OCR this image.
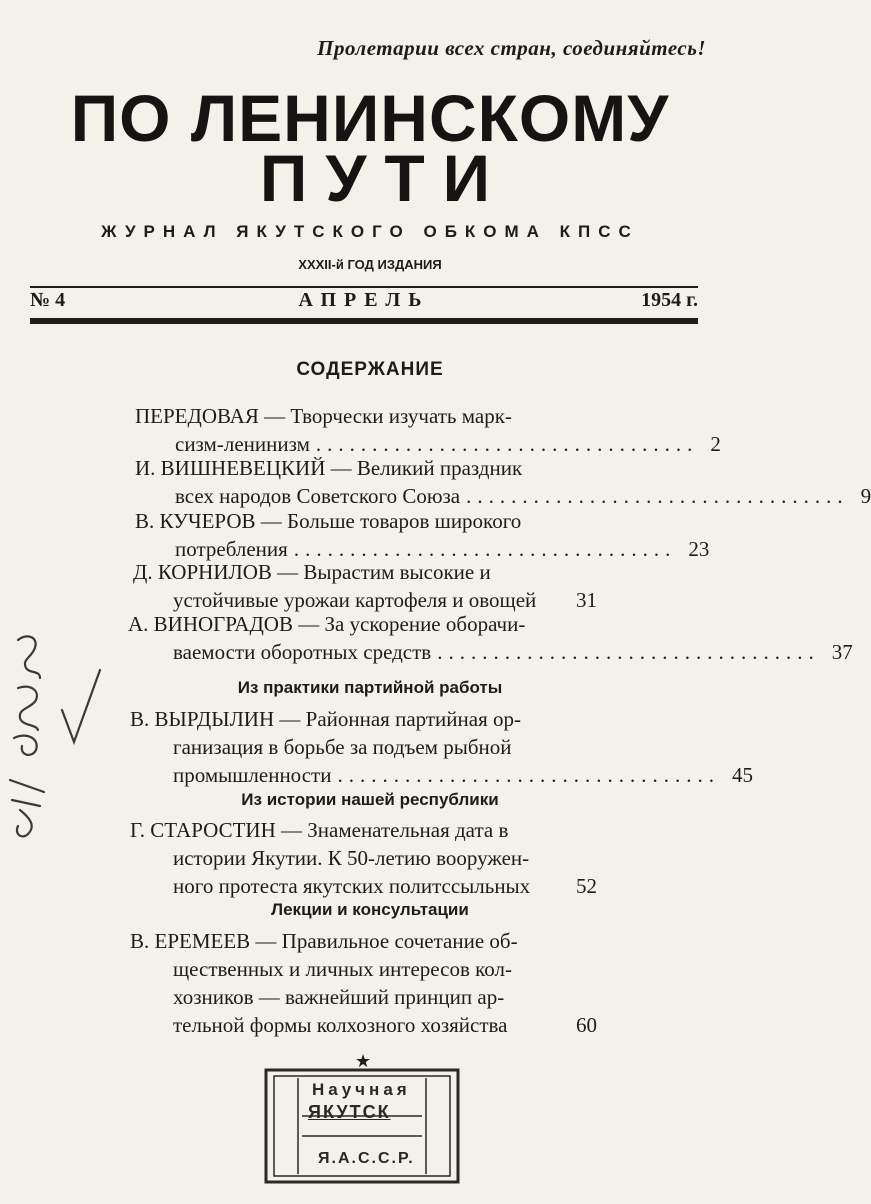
Пролетарии всех стран, соединяйтесь!
ПО ЛЕНИНСКОМУ
ПУТИ
ЖУРНАЛ ЯКУТСКОГО ОБКОМА КПСС
XXXII-й ГОД ИЗДАНИЯ
№ 4	АПРЕЛЬ	1954 г.
СОДЕРЖАНИЕ
ПЕРЕДОВАЯ — Творчески изучать марк-
сизм-ленинизм .................................. 2
И. ВИШНЕВЕЦКИЙ — Великий праздник
всех народов Советского Союза .................................. 9
В. КУЧЕРОВ — Больше товаров широкого
потребления .................................. 23
Д. КОРНИЛОВ — Вырастим высокие и
устойчивые урожаи картофеля и овощей 31
А. ВИНОГРАДОВ — За ускорение оборачи-
ваемости оборотных средств .................................. 37
Из практики партийной работы
В. ВЫРДЫЛИН — Районная партийная ор-
ганизация в борьбе за подъем рыбной
промышленности .................................. 45
Из истории нашей республики
Г. СТАРОСТИН — Знаменательная дата в
истории Якутии. К 50-летию вооружен-
ного протеста якутских политссыльных 52
Лекции и консультации
В. ЕРЕМЕЕВ — Правильное сочетание об-
щественных и личных интересов кол-
хозников — важнейший принцип ар-
тельной формы колхозного хозяйства	60
★
Научная
ЯКУТСК
Я.А.С.С.Р.
